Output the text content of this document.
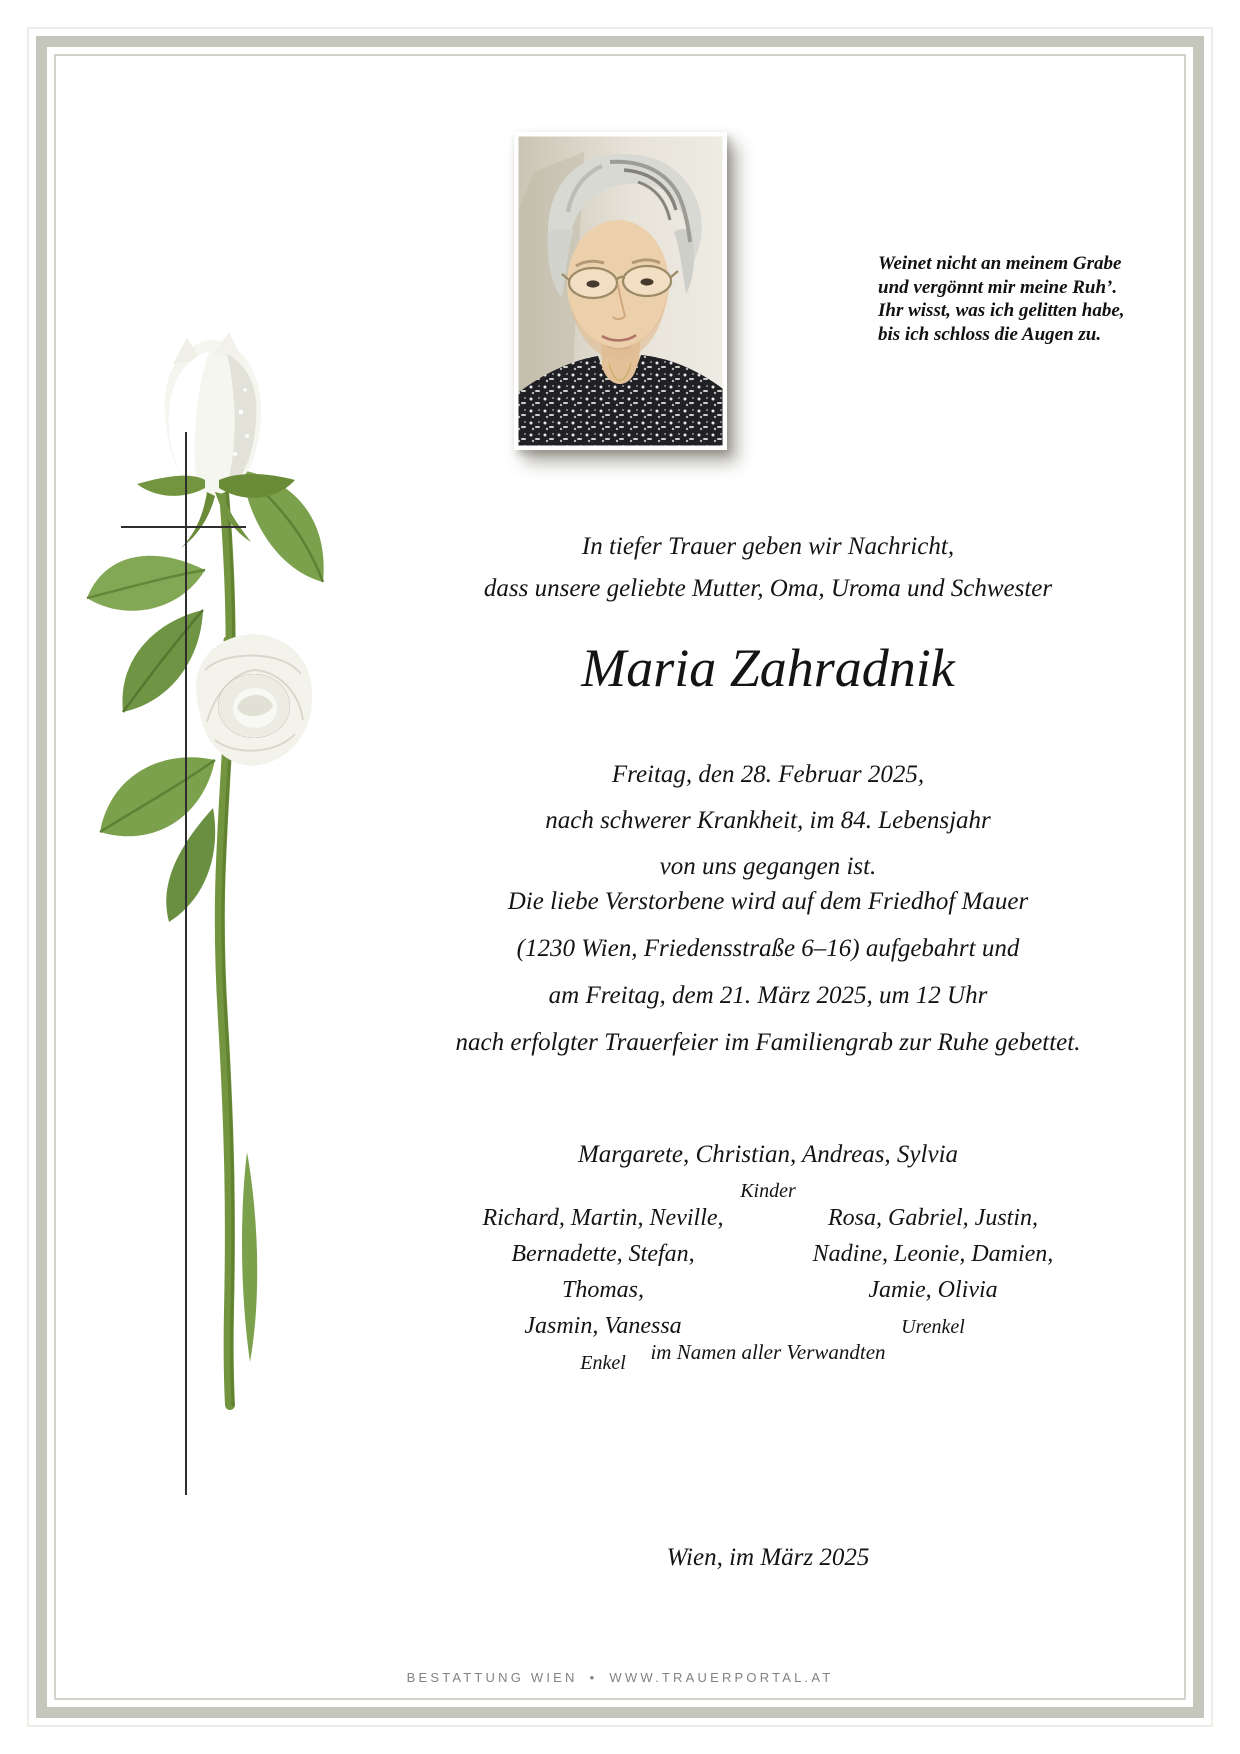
Weinet nicht an meinem Grabe
und vergönnt mir meine Ruh’.
Ihr wisst, was ich gelitten habe,
bis ich schloss die Augen zu.
In tiefer Trauer geben wir Nachricht,
dass unsere geliebte Mutter, Oma, Uroma und Schwester
Maria Zahradnik
Freitag, den 28. Februar 2025,
nach schwerer Krankheit, im 84. Lebensjahr
von uns gegangen ist.
Die liebe Verstorbene wird auf dem Friedhof Mauer
(1230 Wien, Friedensstraße 6–16) aufgebahrt und
am Freitag, dem 21. März 2025, um 12 Uhr
nach erfolgter Trauerfeier im Familiengrab zur Ruhe gebettet.
Margarete, Christian, Andreas, Sylvia
Kinder
Richard, Martin, Neville,
Bernadette, Stefan, Thomas,
Jasmin, Vanessa
Enkel
Rosa, Gabriel, Justin,
Nadine, Leonie, Damien,
Jamie, Olivia
Urenkel
im Namen aller Verwandten
Wien, im März 2025
BESTATTUNG WIEN • WWW.TRAUERPORTAL.AT
